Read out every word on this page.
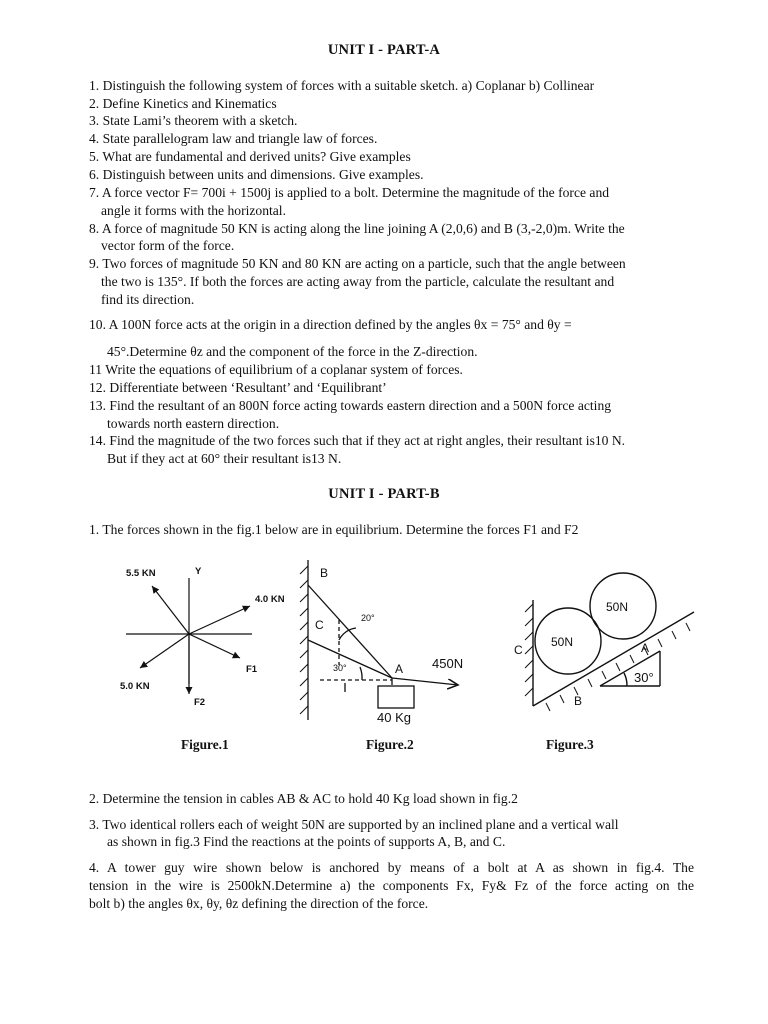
UNIT I - PART-A
1. Distinguish the following system of forces with a suitable sketch. a) Coplanar b) Collinear
2. Define Kinetics and Kinematics
3. State Lami’s theorem with a sketch.
4. State parallelogram law and triangle law of forces.
5. What are fundamental and derived units? Give examples
6. Distinguish between units and dimensions. Give examples.
7. A force vector F= 700i + 1500j is applied to a bolt. Determine the magnitude of the force and
angle it forms with the horizontal.
8. A force of magnitude 50 KN is acting along the line joining A (2,0,6) and B (3,-2,0)m. Write the
vector form of the force.
9. Two forces of magnitude 50 KN and 80 KN are acting on a particle, such that the angle between
the two is 135°. If both the forces are acting away from the particle, calculate the resultant and
find its direction.
10. A 100N force acts at the origin in a direction defined by the angles θx = 75° and θy =
45°.Determine θz and the component of the force in the Z-direction.
11 Write the equations of equilibrium of a coplanar system of forces.
12. Differentiate between ‘Resultant’ and ‘Equilibrant’
13. Find the resultant of an 800N force acting towards eastern direction and a 500N force acting
towards north eastern direction.
14. Find the magnitude of the two forces such that if they act at right angles, their resultant is10 N.
But if they act at 60° their resultant is13 N.
UNIT I - PART-B
1. The forces shown in the fig.1 below are in equilibrium. Determine the forces F1 and F2
5.5 KN	Y
4.0 KN
F1
5.0 KN
F2
B
C	20°
30°	A 450N
40 Kg
50N
50N
C	A
B
30°
Figure.1	Figure.2	Figure.3
2. Determine the tension in cables AB & AC to hold 40 Kg load shown in fig.2
3. Two identical rollers each of weight 50N are supported by an inclined plane and a vertical wall
as shown in fig.3 Find the reactions at the points of supports A, B, and C.
4. A tower guy wire shown below is anchored by means of a bolt at A as shown in fig.4. The
tension in the wire is 2500kN.Determine a) the components Fx, Fy& Fz of the force acting on the
bolt b) the angles θx, θy, θz defining the direction of the force.
